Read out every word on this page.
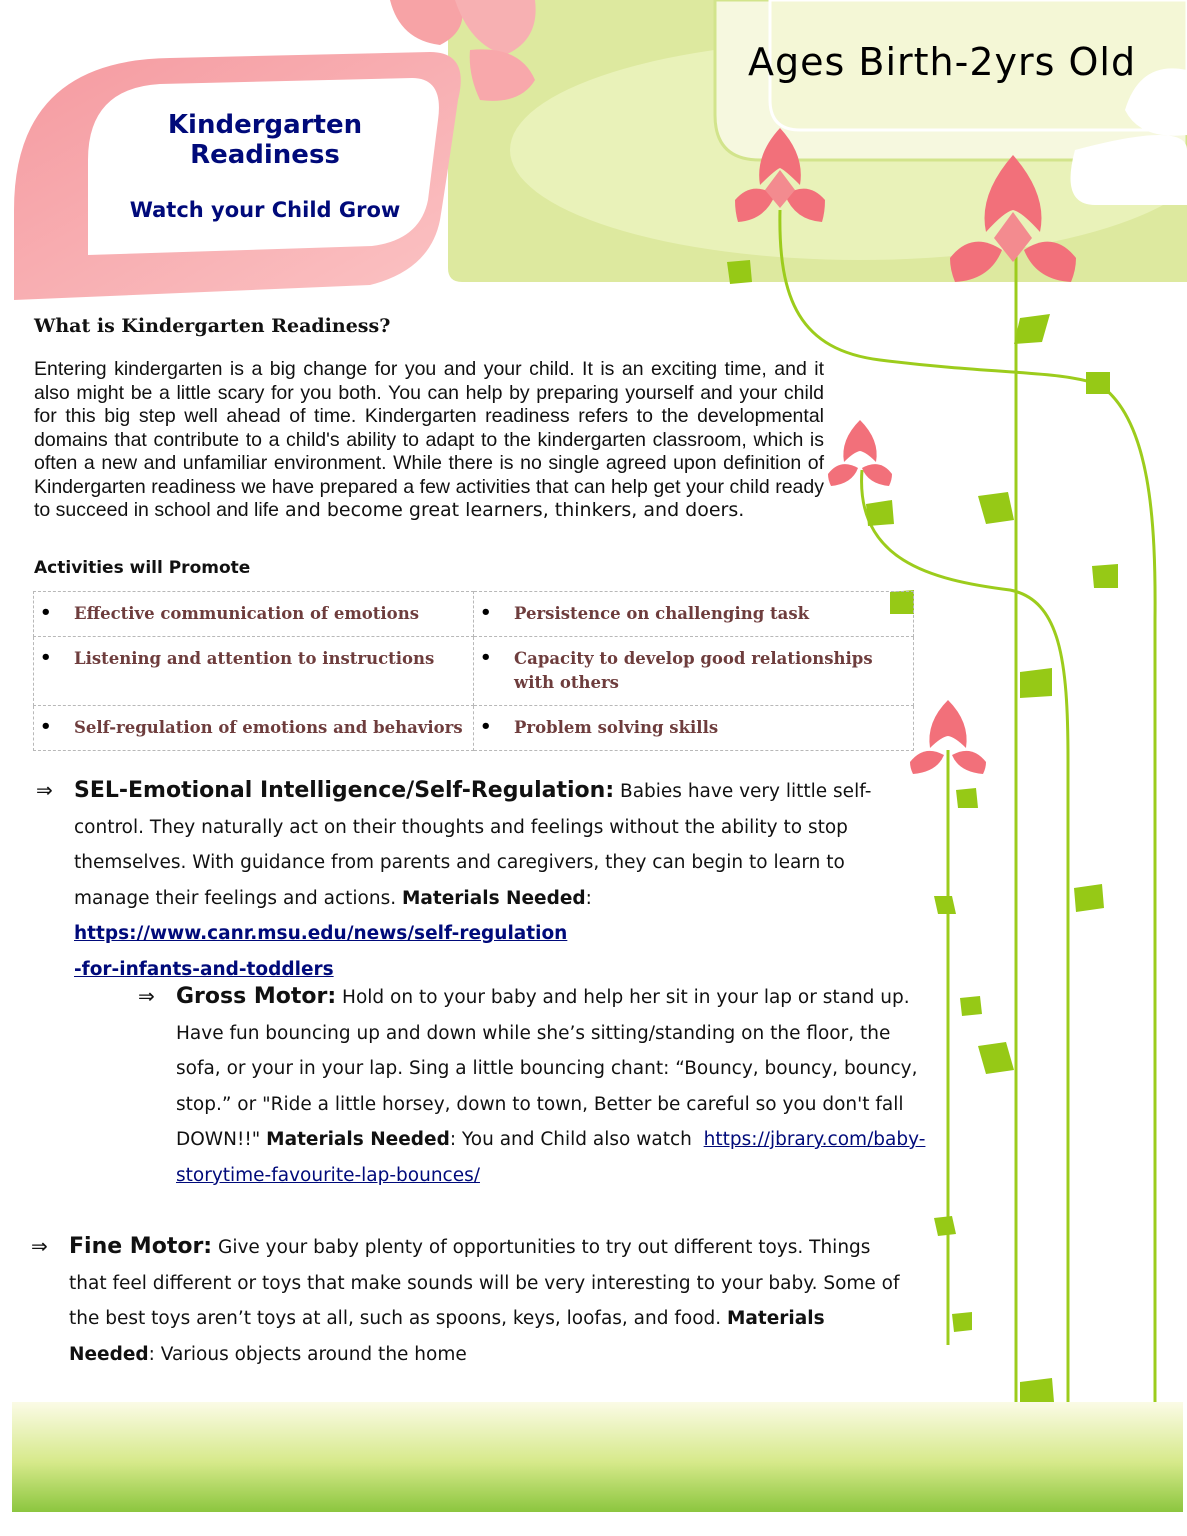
Kindergarten Readiness

Watch your Child Grow

Ages Birth-2yrs Old
What is Kindergarten Readiness?

Entering kindergarten is a big change for you and your child. It is an exciting time, and it also might be a little scary for you both. You can help by preparing yourself and your child for this big step well ahead of time. Kindergarten readiness refers to the developmental domains that contribute to a child's ability to adapt to the kindergarten classroom, which is often a new and unfamiliar environment. While there is no single agreed upon definition of Kindergarten readiness we have prepared a few activities that can help get your child ready to succeed in school and life and become great learners, thinkers, and doers.

Activities will Promote
• Effective communication of emotions	• Persistence on challenging task

• Listening and attention to instructions	• Capacity to develop good relationships with others

• Self-regulation of emotions and behaviors	• Problem solving skills

⇒ SEL-Emotional Intelligence/Self-Regulation: Babies have very little self-control. They naturally act on their thoughts and feelings without the ability to stop themselves. With guidance from parents and caregivers, they can begin to learn to manage their feelings and actions. Materials Needed: https://www.canr.msu.edu/news/self-regulation
-for-infants-and-toddlers

⇒ Gross Motor: Hold on to your baby and help her sit in your lap or stand up. Have fun bouncing up and down while she’s sitting/standing on the floor, the sofa, or your in your lap. Sing a little bouncing chant: “Bouncy, bouncy, bouncy, stop.” or "Ride a little horsey, down to town, Better be careful so you don't fall DOWN!!" Materials Needed: You and Child also watch  https://jbrary.com/baby-
storytime-favourite-lap-bounces/

⇒ Fine Motor: Give your baby plenty of opportunities to try out different toys. Things that feel different or toys that make sounds will be very interesting to your baby. Some of the best toys aren’t toys at all, such as spoons, keys, loofas, and food. Materials Needed: Various objects around the home
